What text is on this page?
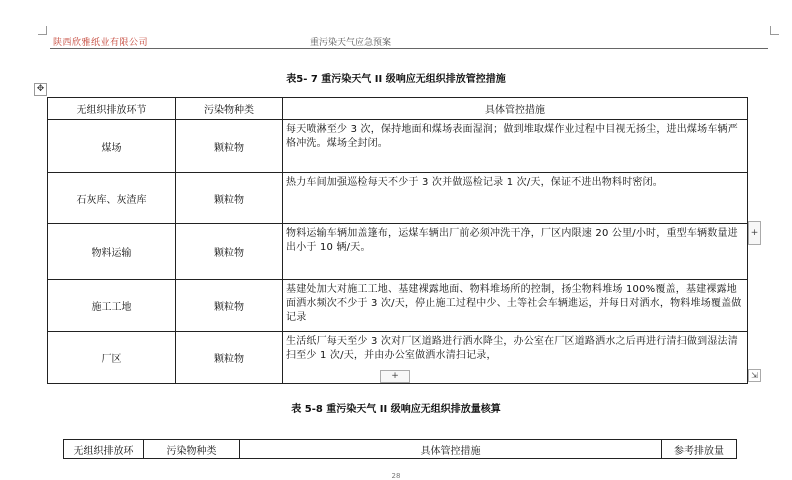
陕西欣雅纸业有限公司	重污染天气应急预案
✥
表5- 7 重污染天气 II 级响应无组织排放管控措施
无组织排放环节	污染物种类	具体管控措施
煤场	颗粒物	每天喷淋至少 3 次，保持地面和煤场表面湿润；做到堆取煤作业过程中目视无扬尘，进出煤场车辆严格冲洗。煤场全封闭。
石灰库、灰渣库	颗粒物	热力车间加强巡检每天不少于 3 次并做巡检记录 1 次/天，保证不进出物料时密闭。
物料运输	颗粒物	物料运输车辆加盖篷布，运煤车辆出厂前必须冲洗干净，厂区内限速 20 公里/小时，重型车辆数量进出小于 10 辆/天。
施工工地	颗粒物	基建处加大对施工工地、基建裸露地面、物料堆场所的控制，扬尘物料堆场 100%覆盖，基建裸露地面洒水频次不少于 3 次/天，停止施工过程中少、土等社会车辆進运，并每日对洒水，物料堆场覆盖做记录
厂区	颗粒物	生活纸厂每天至少 3 次对厂区道路进行洒水降尘，办公室在厂区道路洒水之后再进行清扫做到湿法清扫至少 1 次/天，并由办公室做洒水清扫记录，
+
+	⇲
表 5-8 重污染天气 II 级响应无组织排放量核算
无组织排放环	污染物种类	具体管控措施	参考排放量
28
